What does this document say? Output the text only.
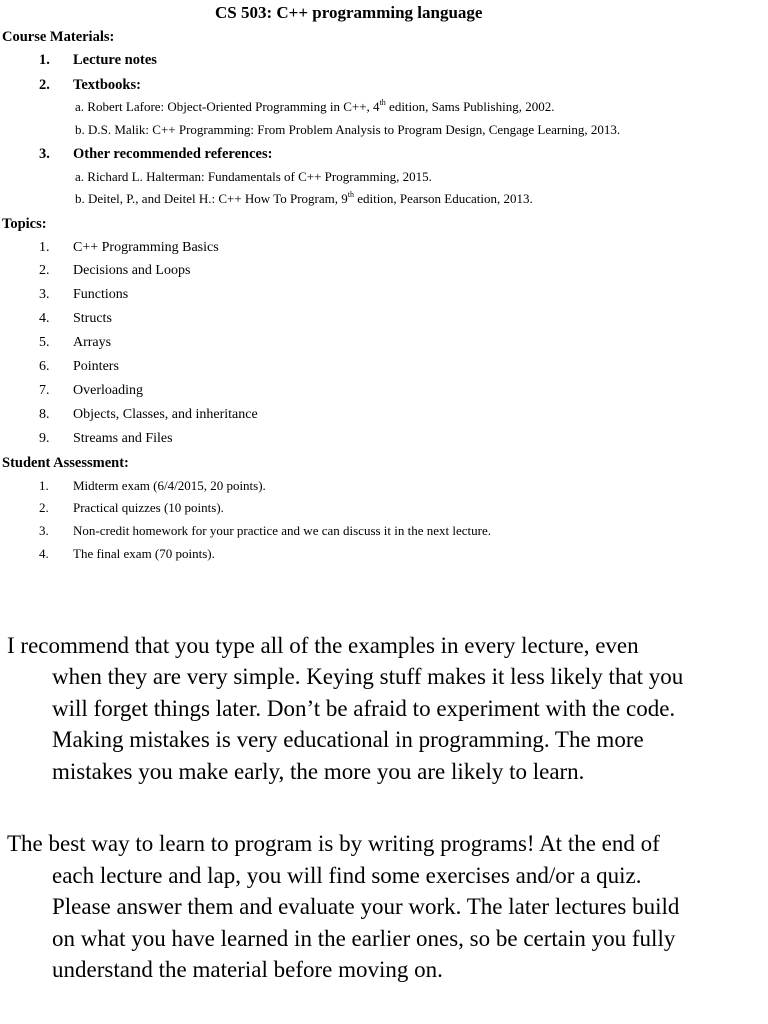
CS 503: C++ programming language
Course Materials:
1. Lecture notes
2. Textbooks:
a. Robert Lafore: Object-Oriented Programming in C++, 4th edition, Sams Publishing, 2002.
b. D.S. Malik: C++ Programming: From Problem Analysis to Program Design, Cengage Learning, 2013.
3. Other recommended references:
a. Richard L. Halterman: Fundamentals of C++ Programming, 2015.
b. Deitel, P., and Deitel H.: C++ How To Program, 9th edition, Pearson Education, 2013.
Topics:
1. C++ Programming Basics
2. Decisions and Loops
3. Functions
4. Structs
5. Arrays
6. Pointers
7. Overloading
8. Objects, Classes, and inheritance
9. Streams and Files
Student Assessment:
1. Midterm exam (6/4/2015, 20 points).
2. Practical quizzes (10 points).
3. Non-credit homework for your practice and we can discuss it in the next lecture.
4. The final exam (70 points).
I recommend that you type all of the examples in every lecture, even
when they are very simple. Keying stuff makes it less likely that you
will forget things later. Don’t be afraid to experiment with the code.
Making mistakes is very educational in programming. The more
mistakes you make early, the more you are likely to learn.
The best way to learn to program is by writing programs! At the end of
each lecture and lap, you will find some exercises and/or a quiz.
Please answer them and evaluate your work. The later lectures build
on what you have learned in the earlier ones, so be certain you fully
understand the material before moving on.
